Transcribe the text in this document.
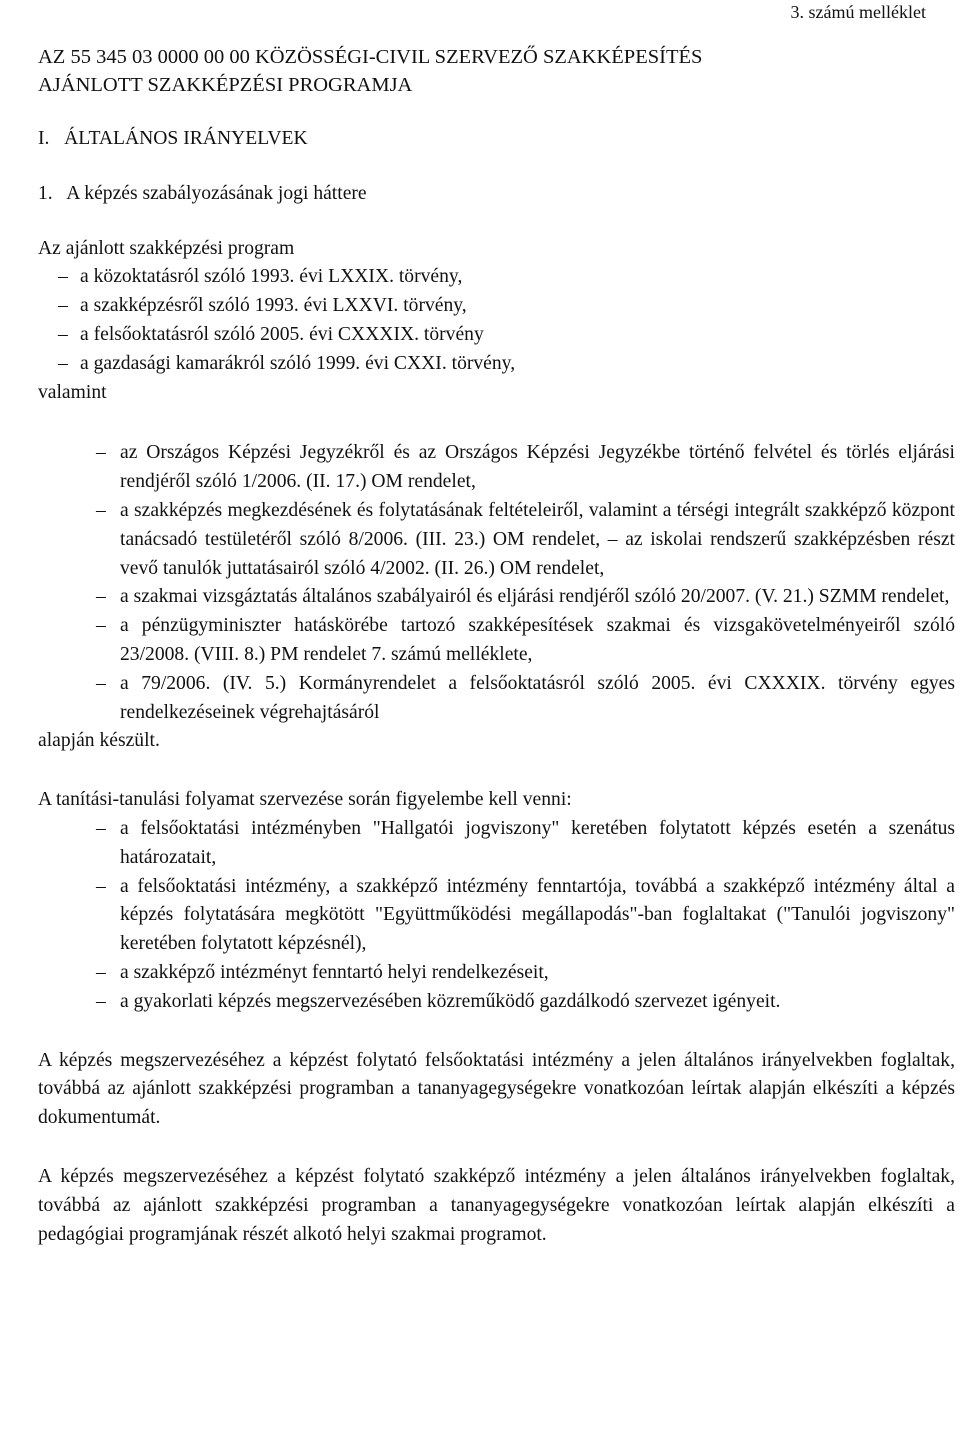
3. számú melléklet
AZ 55 345 03 0000 00 00 KÖZÖSSÉGI-CIVIL SZERVEZŐ SZAKKÉPESÍTÉS
AJÁNLOTT SZAKKÉPZÉSI PROGRAMJA
I.   ÁLTALÁNOS IRÁNYELVEK
1.   A képzés szabályozásának jogi háttere

Az ajánlott szakképzési program

– a közoktatásról szóló 1993. évi LXXIX. törvény,
– a szakképzésről szóló 1993. évi LXXVI. törvény,
– a felsőoktatásról szóló 2005. évi CXXXIX. törvény
– a gazdasági kamarákról szóló 1999. évi CXXI. törvény,

valamint

– az Országos Képzési Jegyzékről és az Országos Képzési Jegyzékbe történő felvétel és törlés eljárási rendjéről szóló 1/2006. (II. 17.) OM rendelet,
– a szakképzés megkezdésének és folytatásának feltételeiről, valamint a térségi integrált szakképző központ tanácsadó testületéről szóló 8/2006. (III. 23.) OM rendelet, – az iskolai rendszerű szakképzésben részt vevő tanulók juttatásairól szóló 4/2002. (II. 26.) OM rendelet,
– a szakmai vizsgáztatás általános szabályairól és eljárási rendjéről szóló 20/2007. (V. 21.) SZMM rendelet,
– a pénzügyminiszter hatáskörébe tartozó szakképesítések szakmai és vizsgakövetelményeiről szóló 23/2008. (VIII. 8.) PM rendelet 7. számú melléklete,
– a 79/2006. (IV. 5.) Kormányrendelet a felsőoktatásról szóló 2005. évi CXXXIX. törvény egyes rendelkezéseinek végrehajtásáról

alapján készült.

A tanítási-tanulási folyamat szervezése során figyelembe kell venni:

– a felsőoktatási intézményben "Hallgatói jogviszony" keretében folytatott képzés esetén a szenátus határozatait,
– a felsőoktatási intézmény, a szakképző intézmény fenntartója, továbbá a szakképző intézmény által a képzés folytatására megkötött "Együttműködési megállapodás"-ban foglaltakat ("Tanulói jogviszony" keretében folytatott képzésnél),
– a szakképző intézményt fenntartó helyi rendelkezéseit,
– a gyakorlati képzés megszervezésében közreműködő gazdálkodó szervezet igényeit.

A képzés megszervezéséhez a képzést folytató felsőoktatási intézmény a jelen általános irányelvekben foglaltak, továbbá az ajánlott szakképzési programban a tananyagegységekre vonatkozóan leírtak alapján elkészíti a képzés dokumentumát.

A képzés megszervezéséhez a képzést folytató szakképző intézmény a jelen általános irányelvekben foglaltak, továbbá az ajánlott szakképzési programban a tananyagegységekre vonatkozóan leírtak alapján elkészíti a pedagógiai programjának részét alkotó helyi szakmai programot.
